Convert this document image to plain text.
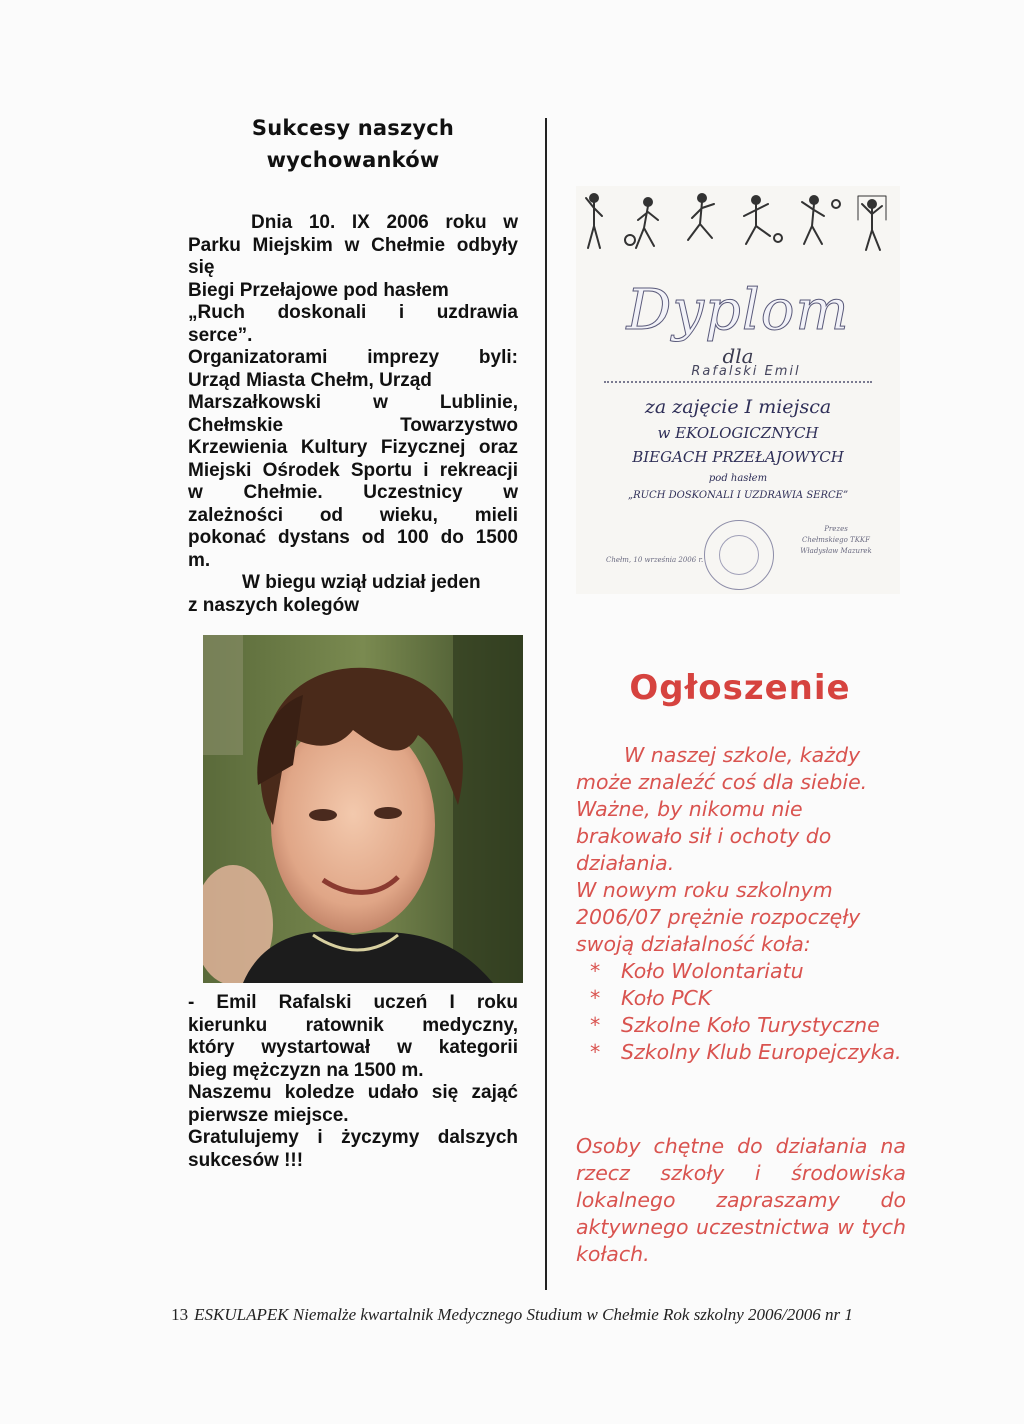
Sukcesy naszych
wychowanków

Dnia 10. IX 2006 roku w
Parku Miejskim w Chełmie odbyły
się
Biegi Przełajowe pod hasłem
„Ruch doskonali i uzdrawia
serce”.
Organizatorami imprezy byli:
Urząd Miasta Chełm, Urząd
Marszałkowski w Lublinie,
Chełmskie Towarzystwo
Krzewienia Kultury Fizycznej oraz
Miejski Ośrodek Sportu i rekreacji
w Chełmie. Uczestnicy w
zależności od wieku, mieli
pokonać dystans od 100 do 1500
m.
W biegu wziął udział jeden
z naszych kolegów

- Emil Rafalski uczeń I roku
kierunku ratownik medyczny,
który wystartował w kategorii
bieg mężczyzn na 1500 m.
Naszemu koledze udało się zająć
pierwsze miejsce.
Gratulujemy i życzymy dalszych
sukcesów !!!

Dyplom
dla
Rafalski Emil
za zajęcie I miejsca
w EKOLOGICZNYCH
BIEGACH PRZEŁAJOWYCH
pod hasłem
„RUCH DOSKONALI I UZDRAWIA SERCE”
Chełm, 10 września 2006 r.
Prezes
Chełmskiego TKKF
Władysław Mazurek
Ogłoszenie
W naszej szkole, każdy
może znaleźć coś dla siebie.
Ważne, by nikomu nie
brakowało sił i ochoty do
działania.
W nowym roku szkolnym
2006/07 prężnie rozpoczęły
swoją działalność koła:
*	Koło Wolontariatu
*	Koło PCK
*	Szkolne Koło Turystyczne
*	Szkolny Klub Europejczyka.
Osoby chętne do działania na
rzecz szkoły i środowiska
lokalnego zapraszamy do
aktywnego uczestnictwa w tych
kołach.
13 ESKULAPEK Niemalże kwartalnik Medycznego Studium w Chełmie Rok szkolny 2006/2006 nr 1
